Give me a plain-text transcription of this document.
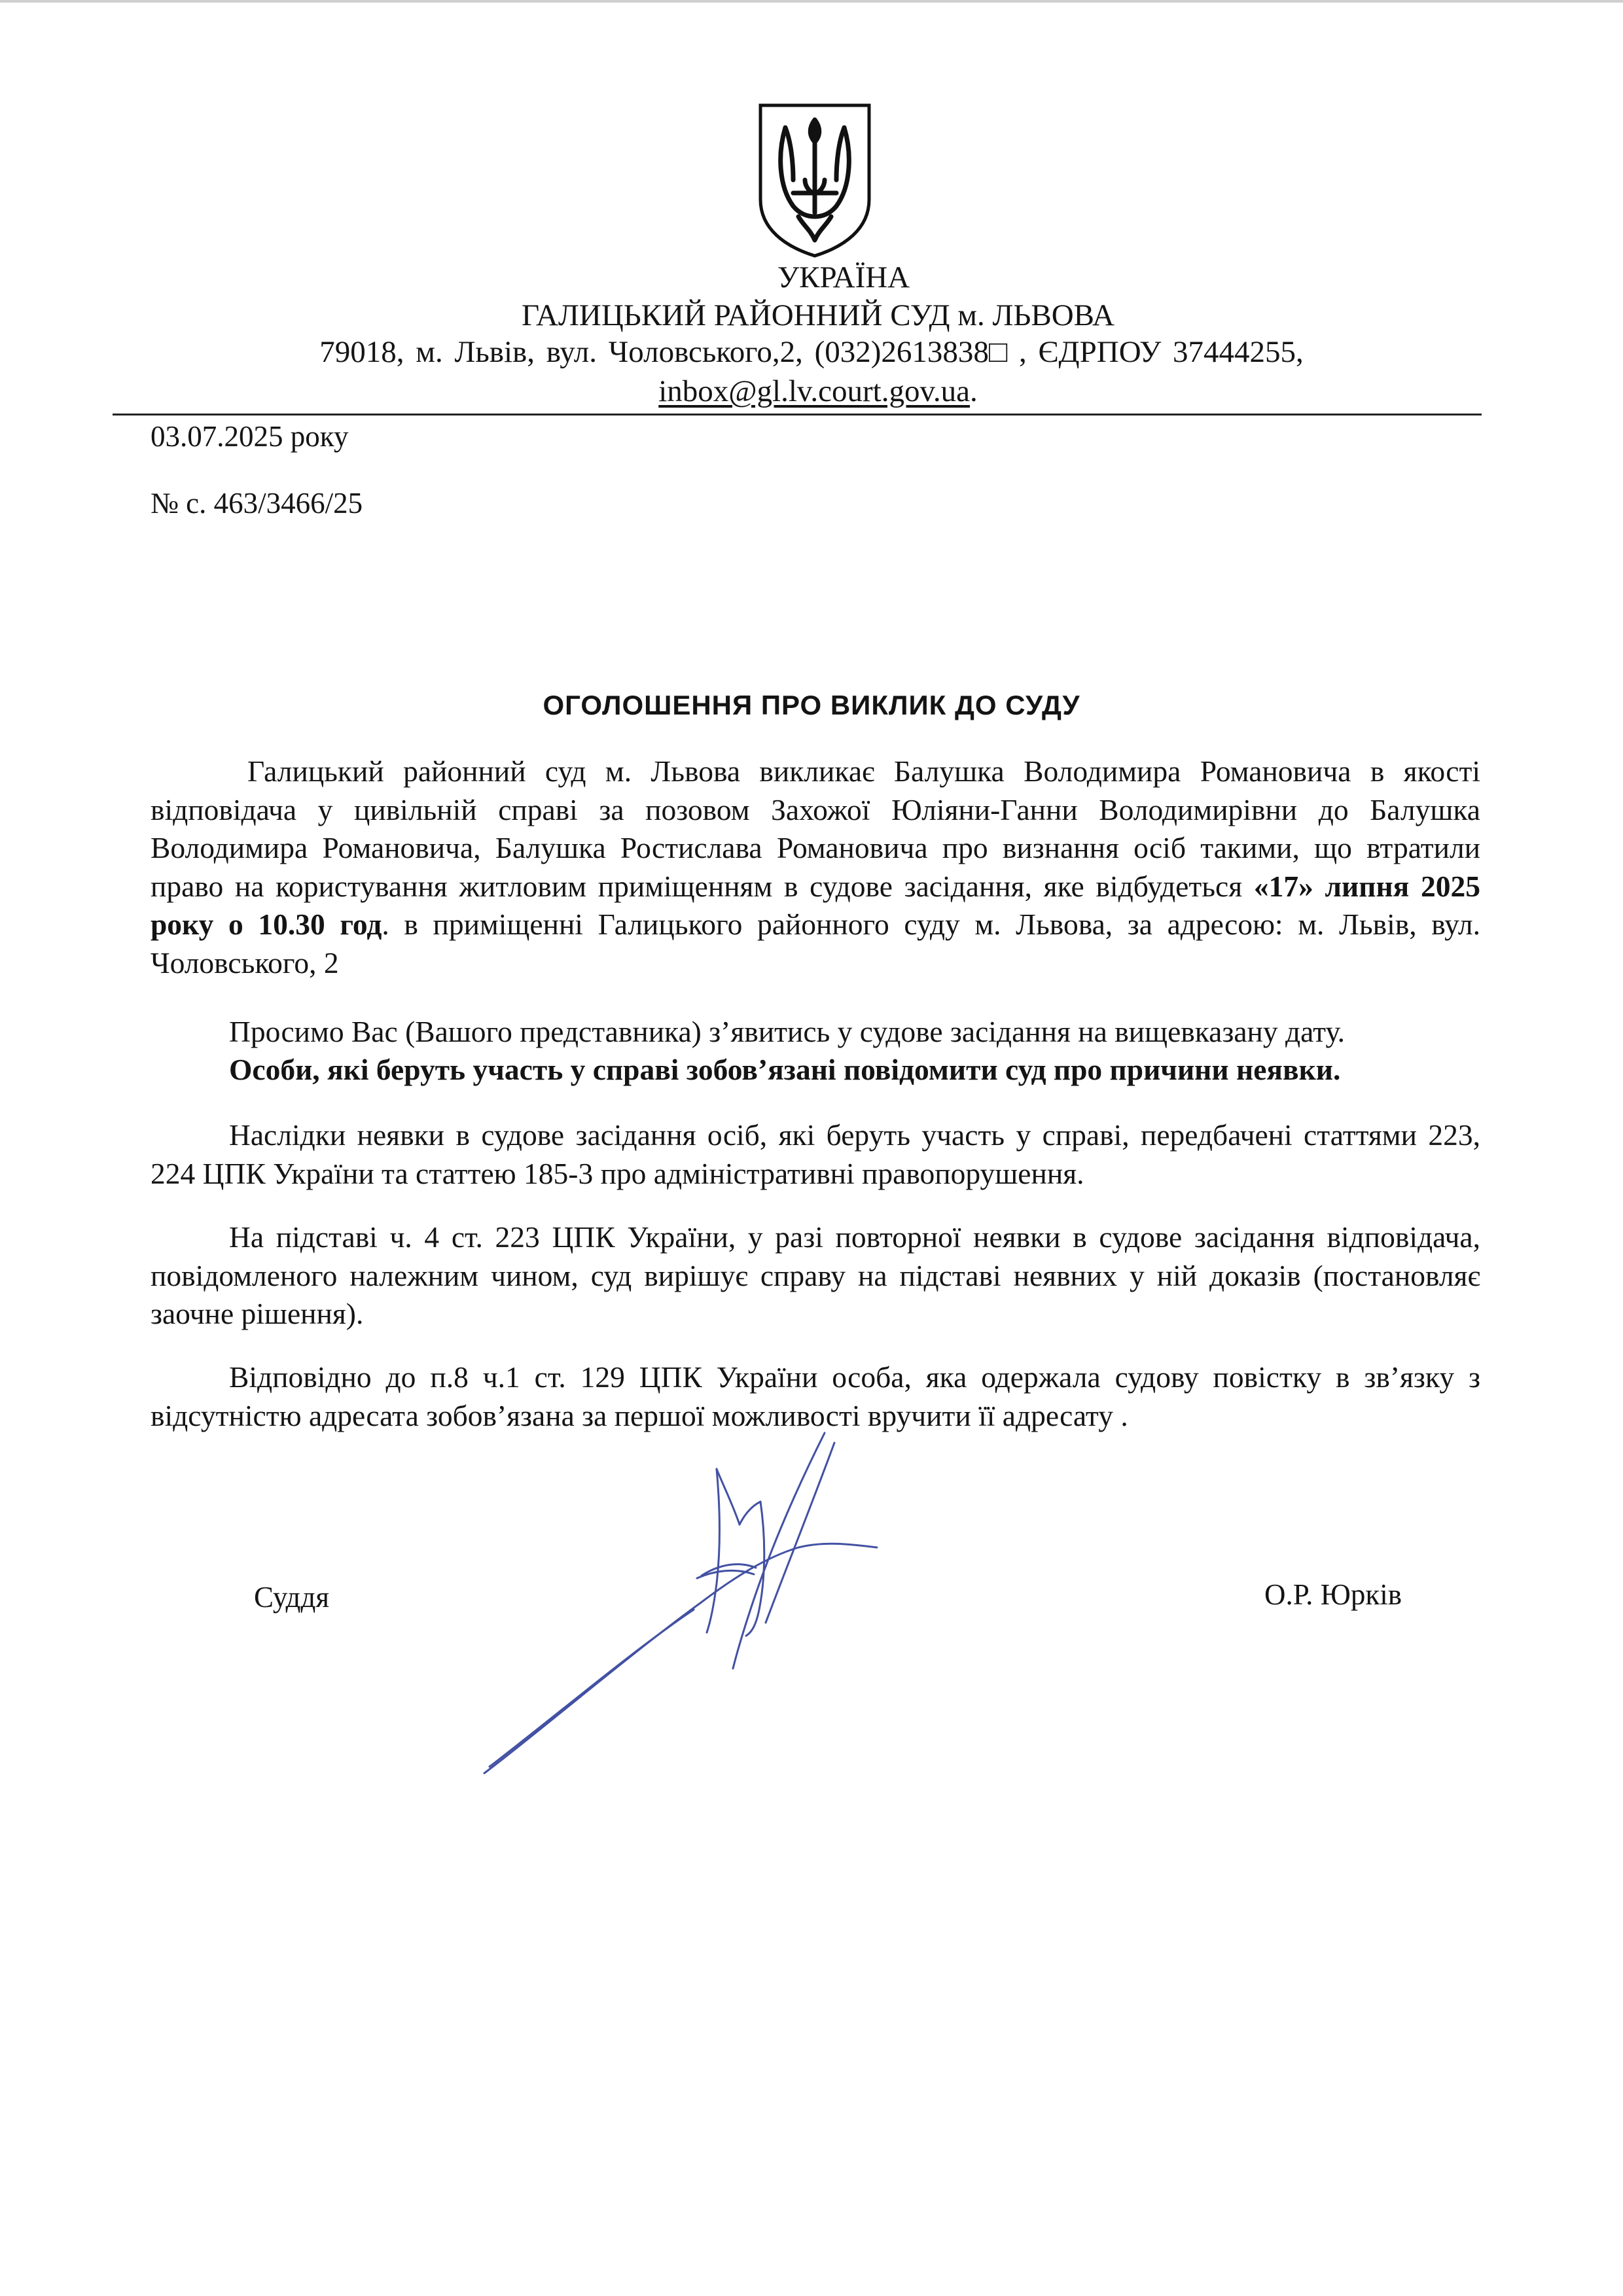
УКРАЇНА
ГАЛИЦЬКИЙ РАЙОННИЙ СУД м. ЛЬВОВА
79018, м. Львів, вул. Чоловського,2, (032)2613838□ , ЄДРПОУ 37444255,
inbox@gl.lv.court.gov.ua.
03.07.2025 року
№ с. 463/3466/25
ОГОЛОШЕННЯ ПРО ВИКЛИК ДО СУДУ
Галицький районний суд м. Львова викликає Балушка Володимира Романовича в якості відповідача у цивільній справі за позовом Захожої Юліяни-Ганни Володимирівни до Балушка Володимира Романовича, Балушка Ростислава Романовича про визнання осіб такими, що втратили право на користування житловим приміщенням в судове засідання, яке відбудеться «17» липня 2025 року о 10.30 год. в приміщенні Галицького районного суду м. Львова, за адресою: м. Львів, вул. Чоловського, 2
Просимо Вас (Вашого представника) з’явитись у судове засідання на вищевказану дату.
Особи, які беруть участь у справі зобов’язані повідомити суд про причини неявки.
Наслідки неявки в судове засідання осіб, які беруть участь у справі, передбачені статтями 223, 224 ЦПК України та статтею 185-3 про адміністративні правопорушення.
На підставі ч. 4 ст. 223 ЦПК України, у разі повторної неявки в судове засідання відповідача, повідомленого належним чином, суд вирішує справу на підставі неявних у ній доказів (постановляє заочне рішення).
Відповідно до п.8 ч.1 ст. 129 ЦПК України особа, яка одержала судову повістку в зв’язку з відсутністю адресата зобов’язана за першої можливості вручити її адресату .
Суддя	О.Р. Юрків
